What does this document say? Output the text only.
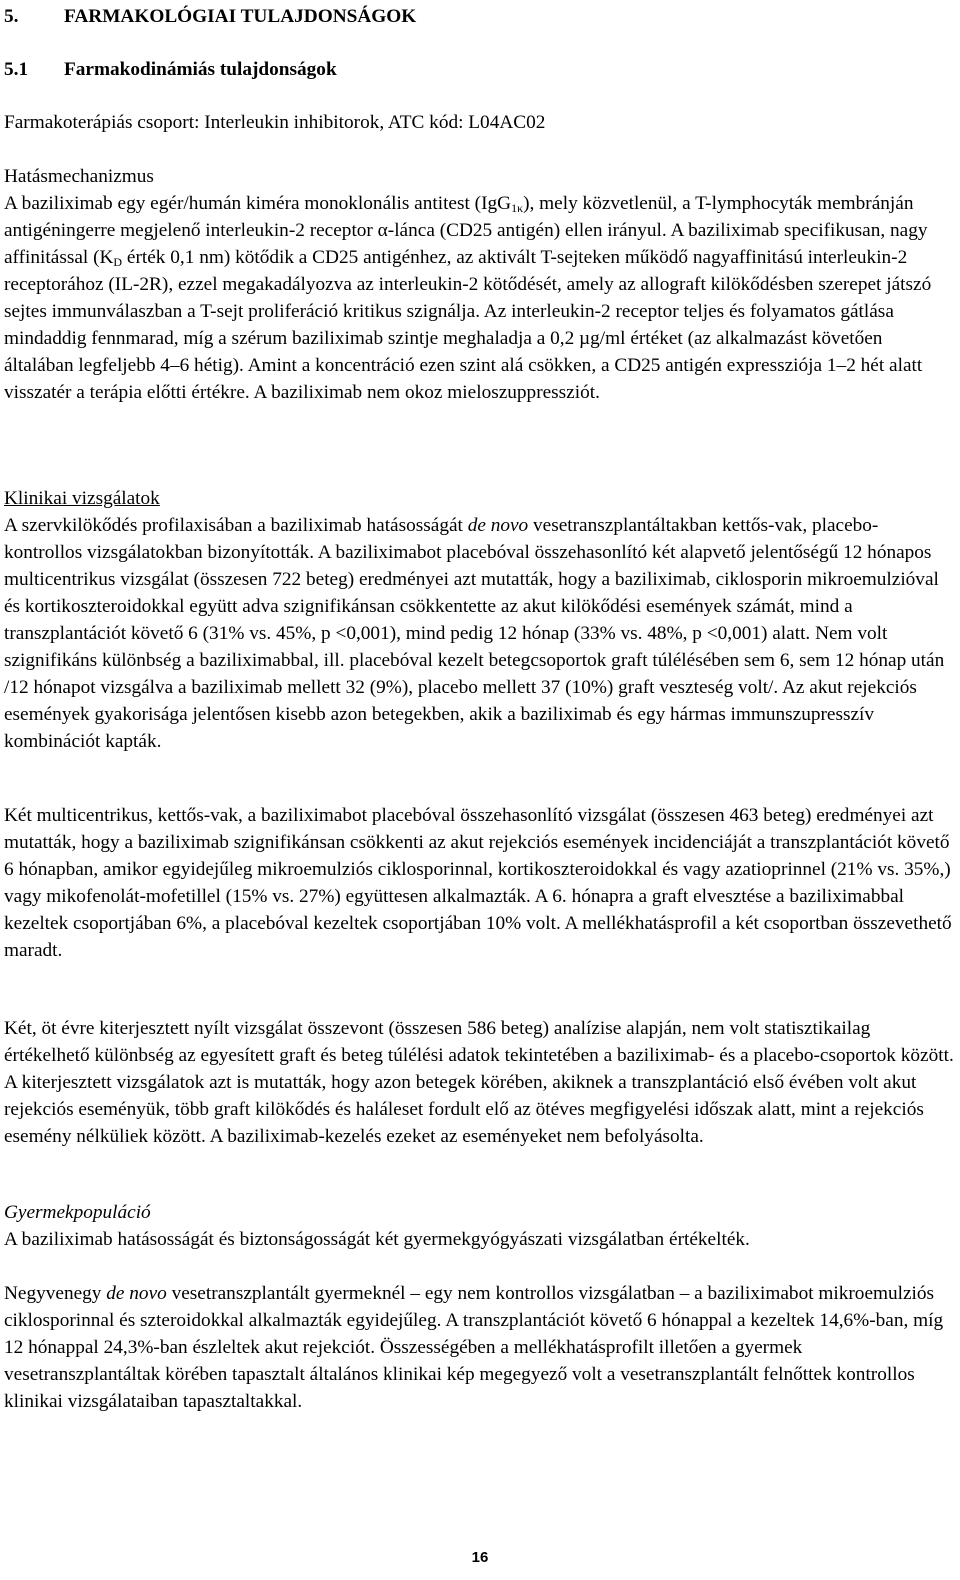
5. FARMAKOLÓGIAI TULAJDONSÁGOK
5.1 Farmakodinámiás tulajdonságok

Farmakoterápiás csoport: Interleukin inhibitorok, ATC kód: L04AC02

Hatásmechanizmus

A baziliximab egy egér/humán kiméra monoklonális antitest (IgG$_{1\kappa}$), mely közvetlenül, a T-lymphocyták membránján antigéningerre megjelenő interleukin-2 receptor α-lánca (CD25 antigén) ellen irányul. A baziliximab specifikusan, nagy affinitással ($K_D$ érték 0,1 nm) kötődik a CD25 antigénhez, az aktivált T-sejteken működő nagyaffinitású interleukin-2 receptorához (IL-2R), ezzel megakadályozva az interleukin-2 kötődését, amely az allograft kilökődésben szerepet játszó sejtes immunválaszban a T-sejt proliferáció kritikus szignálja. Az interleukin-2 receptor teljes és folyamatos gátlása mindaddig fennmarad, míg a szérum baziliximab szintje meghaladja a 0,2 µg/ml értéket (az alkalmazást követően általában legfeljebb 4–6 hétig). Amint a koncentráció ezen szint alá csökken, a CD25 antigén expressziója 1–2 hét alatt visszatér a terápia előtti értékre. A baziliximab nem okoz mieloszuppressziót.

Klinikai vizsgálatok

A szervkilökődés profilaxisában a baziliximab hatásosságát de novo vesetranszplantáltakban kettős-vak, placebo-kontrollos vizsgálatokban bizonyították. A baziliximabot placebóval összehasonlító két alapvető jelentőségű 12 hónapos multicentrikus vizsgálat (összesen 722 beteg) eredményei azt mutatták, hogy a baziliximab, ciklosporin mikroemulzióval és kortikoszteroidokkal együtt adva szignifikánsan csökkentette az akut kilökődési események számát, mind a transzplantációt követő 6 (31% vs. 45%, p <0,001), mind pedig 12 hónap (33% vs. 48%, p <0,001) alatt. Nem volt szignifikáns különbség a baziliximabbal, ill. placebóval kezelt betegcsoportok graft túlélésében sem 6, sem 12 hónap után /12 hónapot vizsgálva a baziliximab mellett 32 (9%), placebo mellett 37 (10%) graft veszteség volt/. Az akut rejekciós események gyakorisága jelentősen kisebb azon betegekben, akik a baziliximab és egy hármas immunszupresszív kombinációt kapták.

Két multicentrikus, kettős-vak, a baziliximabot placebóval összehasonlító vizsgálat (összesen 463 beteg) eredményei azt mutatták, hogy a baziliximab szignifikánsan csökkenti az akut rejekciós események incidenciáját a transzplantációt követő 6 hónapban, amikor egyidejűleg mikroemulziós ciklosporinnal, kortikoszteroidokkal és vagy azatioprinnel (21% vs. 35%,) vagy mikofenolát-mofetillel (15% vs. 27%) együttesen alkalmazták. A 6. hónapra a graft elvesztése a baziliximabbal kezeltek csoportjában 6%, a placebóval kezeltek csoportjában 10% volt. A mellékhatásprofil a két csoportban összevethető maradt.

Két, öt évre kiterjesztett nyílt vizsgálat összevont (összesen 586 beteg) analízise alapján, nem volt statisztikailag értékelhető különbség az egyesített graft és beteg túlélési adatok tekintetében a baziliximab- és a placebo-csoportok között. A kiterjesztett vizsgálatok azt is mutatták, hogy azon betegek körében, akiknek a transzplantáció első évében volt akut rejekciós eseményük, több graft kilökődés és haláleset fordult elő az ötéves megfigyelési időszak alatt, mint a rejekciós esemény nélküliek között. A baziliximab-kezelés ezeket az eseményeket nem befolyásolta.

Gyermekpopuláció

A baziliximab hatásosságát és biztonságosságát két gyermekgyógyászati vizsgálatban értékelték.

Negyvenegy de novo vesetranszplantált gyermeknél – egy nem kontrollos vizsgálatban – a baziliximabot mikroemulziós ciklosporinnal és szteroidokkal alkalmazták egyidejűleg. A transzplantációt követő 6 hónappal a kezeltek 14,6%-ban, míg 12 hónappal 24,3%-ban észleltek akut rejekciót. Összességében a mellékhatásprofilt illetően a gyermek vesetranszplantáltak körében tapasztalt általános klinikai kép megegyező volt a vesetranszplantált felnőttek kontrollos klinikai vizsgálataiban tapasztaltakkal.

16
